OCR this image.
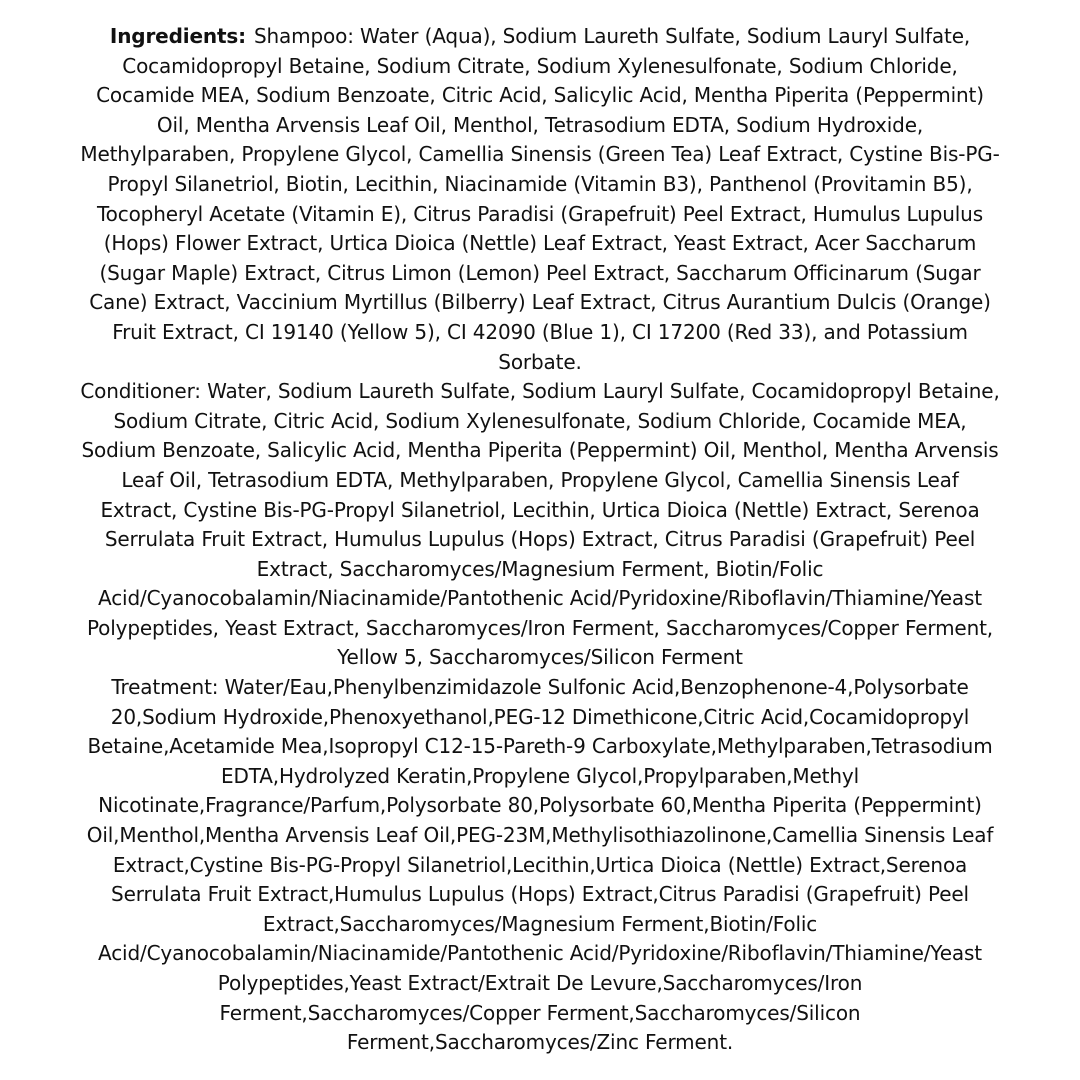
Ingredients: Shampoo: Water (Aqua), Sodium Laureth Sulfate, Sodium Lauryl Sulfate, Cocamidopropyl Betaine, Sodium Citrate, Sodium Xylenesulfonate, Sodium Chloride, Cocamide MEA, Sodium Benzoate, Citric Acid, Salicylic Acid, Mentha Piperita (Peppermint) Oil, Mentha Arvensis Leaf Oil, Menthol, Tetrasodium EDTA, Sodium Hydroxide, Methylparaben, Propylene Glycol, Camellia Sinensis (Green Tea) Leaf Extract, Cystine Bis-PG-Propyl Silanetriol, Biotin, Lecithin, Niacinamide (Vitamin B3), Panthenol (Provitamin B5), Tocopheryl Acetate (Vitamin E), Citrus Paradisi (Grapefruit) Peel Extract, Humulus Lupulus (Hops) Flower Extract, Urtica Dioica (Nettle) Leaf Extract, Yeast Extract, Acer Saccharum (Sugar Maple) Extract, Citrus Limon (Lemon) Peel Extract, Saccharum Officinarum (Sugar Cane) Extract, Vaccinium Myrtillus (Bilberry) Leaf Extract, Citrus Aurantium Dulcis (Orange) Fruit Extract, CI 19140 (Yellow 5), CI 42090 (Blue 1), CI 17200 (Red 33), and Potassium Sorbate.

Conditioner: Water, Sodium Laureth Sulfate, Sodium Lauryl Sulfate, Cocamidopropyl Betaine, Sodium Citrate, Citric Acid, Sodium Xylenesulfonate, Sodium Chloride, Cocamide MEA, Sodium Benzoate, Salicylic Acid, Mentha Piperita (Peppermint) Oil, Menthol, Mentha Arvensis Leaf Oil, Tetrasodium EDTA, Methylparaben, Propylene Glycol, Camellia Sinensis Leaf Extract, Cystine Bis-PG-Propyl Silanetriol, Lecithin, Urtica Dioica (Nettle) Extract, Serenoa Serrulata Fruit Extract, Humulus Lupulus (Hops) Extract, Citrus Paradisi (Grapefruit) Peel Extract, Saccharomyces/Magnesium Ferment, Biotin/Folic Acid/Cyanocobalamin/Niacinamide/Pantothenic Acid/Pyridoxine/Riboflavin/Thiamine/Yeast Polypeptides, Yeast Extract, Saccharomyces/Iron Ferment, Saccharomyces/Copper Ferment, Yellow 5, Saccharomyces/Silicon Ferment

Treatment: Water/Eau,Phenylbenzimidazole Sulfonic Acid,Benzophenone-4,Polysorbate 20,Sodium Hydroxide,Phenoxyethanol,PEG-12 Dimethicone,Citric Acid,Cocamidopropyl Betaine,Acetamide Mea,Isopropyl C12-15-Pareth-9 Carboxylate,Methylparaben,Tetrasodium EDTA,Hydrolyzed Keratin,Propylene Glycol,Propylparaben,Methyl Nicotinate,Fragrance/Parfum,Polysorbate 80,Polysorbate 60,Mentha Piperita (Peppermint) Oil,Menthol,Mentha Arvensis Leaf Oil,PEG-23M,Methylisothiazolinone,Camellia Sinensis Leaf Extract,Cystine Bis-PG-Propyl Silanetriol,Lecithin,Urtica Dioica (Nettle) Extract,Serenoa Serrulata Fruit Extract,Humulus Lupulus (Hops) Extract,Citrus Paradisi (Grapefruit) Peel Extract,Saccharomyces/Magnesium Ferment,Biotin/Folic Acid/Cyanocobalamin/Niacinamide/Pantothenic Acid/Pyridoxine/Riboflavin/Thiamine/Yeast Polypeptides,Yeast Extract/Extrait De Levure,Saccharomyces/Iron Ferment,Saccharomyces/Copper Ferment,Saccharomyces/Silicon Ferment,Saccharomyces/Zinc Ferment.
